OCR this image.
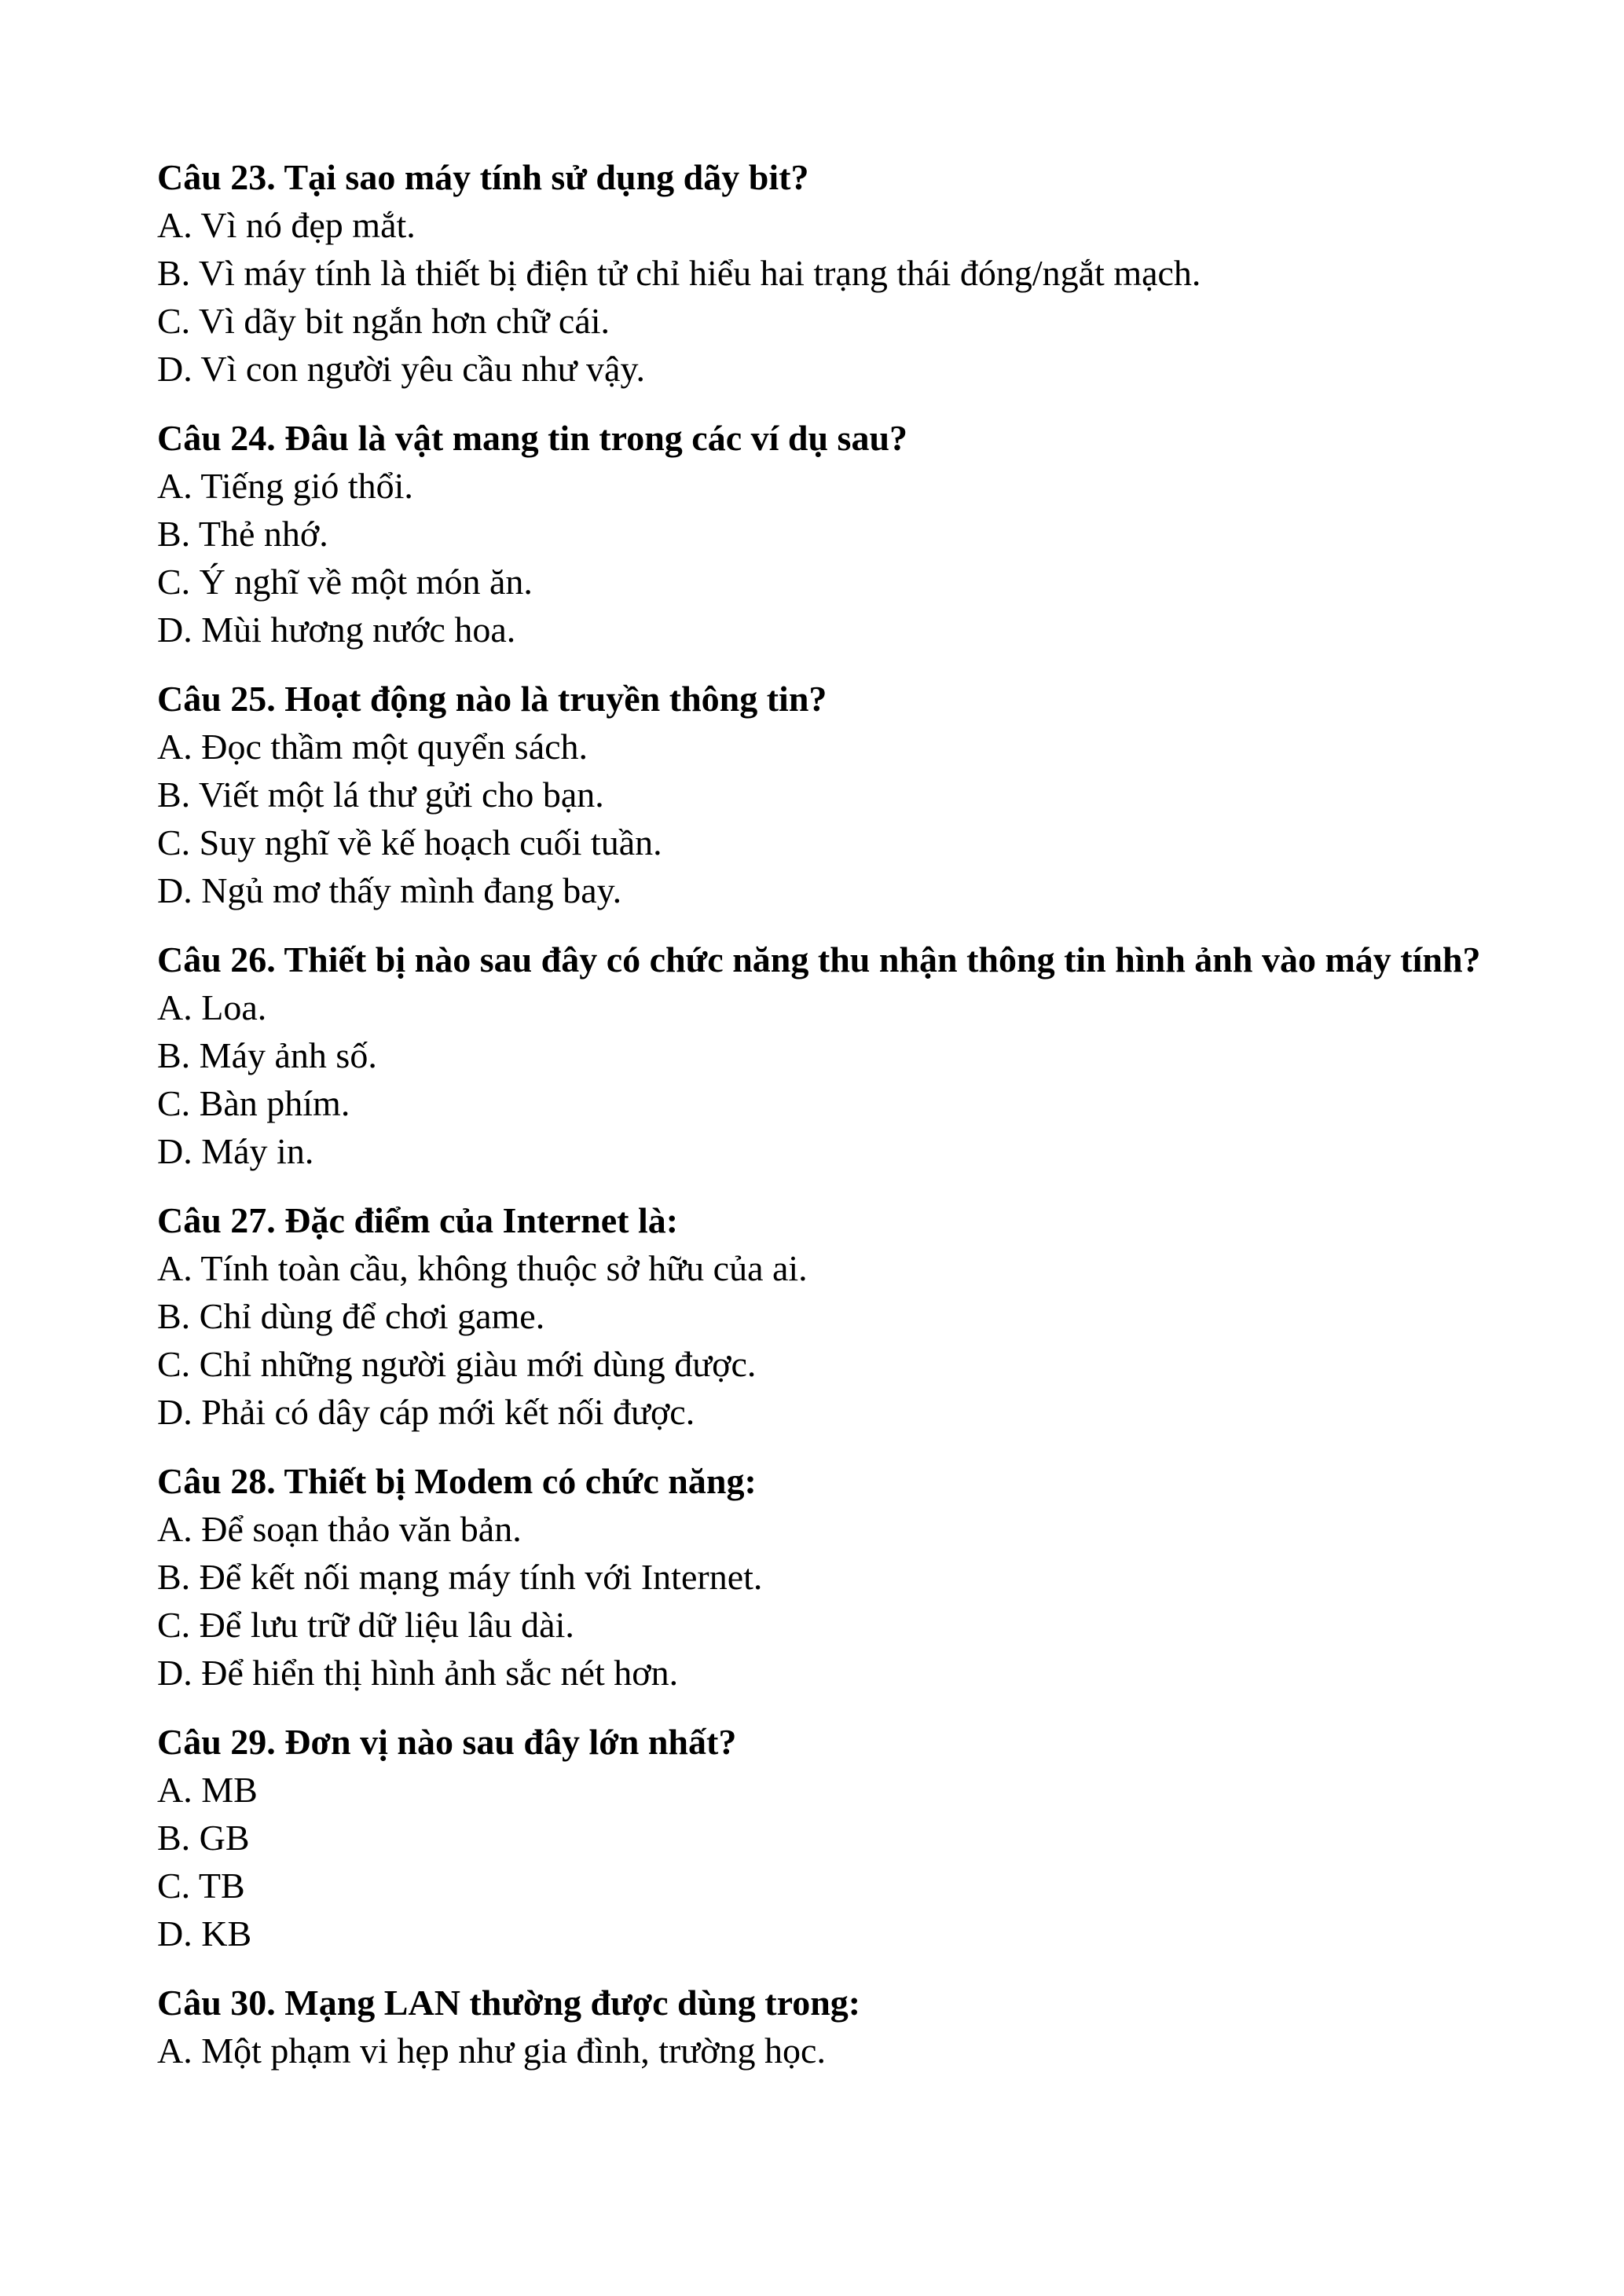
Câu 23. Tại sao máy tính sử dụng dãy bit?

A. Vì nó đẹp mắt.

B. Vì máy tính là thiết bị điện tử chỉ hiểu hai trạng thái đóng/ngắt mạch.

C. Vì dãy bit ngắn hơn chữ cái.

D. Vì con người yêu cầu như vậy.

Câu 24. Đâu là vật mang tin trong các ví dụ sau?

A. Tiếng gió thổi.

B. Thẻ nhớ.

C. Ý nghĩ về một món ăn.

D. Mùi hương nước hoa.

Câu 25. Hoạt động nào là truyền thông tin?

A. Đọc thầm một quyển sách.

B. Viết một lá thư gửi cho bạn.

C. Suy nghĩ về kế hoạch cuối tuần.

D. Ngủ mơ thấy mình đang bay.

Câu 26. Thiết bị nào sau đây có chức năng thu nhận thông tin hình ảnh vào máy tính?

A. Loa.

B. Máy ảnh số.

C. Bàn phím.

D. Máy in.

Câu 27. Đặc điểm của Internet là:

A. Tính toàn cầu, không thuộc sở hữu của ai.

B. Chỉ dùng để chơi game.

C. Chỉ những người giàu mới dùng được.

D. Phải có dây cáp mới kết nối được.

Câu 28. Thiết bị Modem có chức năng:

A. Để soạn thảo văn bản.

B. Để kết nối mạng máy tính với Internet.

C. Để lưu trữ dữ liệu lâu dài.

D. Để hiển thị hình ảnh sắc nét hơn.

Câu 29. Đơn vị nào sau đây lớn nhất?

A. MB

B. GB

C. TB

D. KB

Câu 30. Mạng LAN thường được dùng trong:

A. Một phạm vi hẹp như gia đình, trường học.
